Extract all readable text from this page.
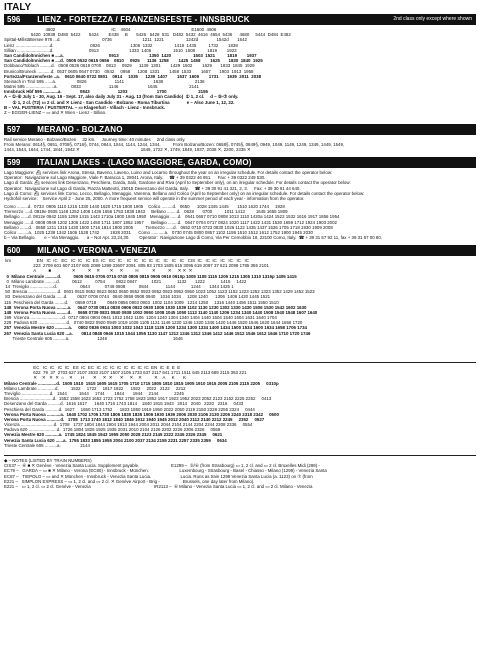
ITALY
596 LIENZ - FORTEZZA / FRANZENSFESTE - INNSBRUCK	2nd class only except where shown
4602                                              IC    4604                                                  E1600  4606
5420  10938  D480  5422       5424        E438     B       5426   5428  531   D482  5432  4616  4654  5436      4680     5444  D484  E482
Spittal-Millstättersee 978 ...d.                                  0736                         1211  1221                  1242d               1542d       1642
Lienz ............................d.                              0826                         1306  1332                  1418  1435          1732        1838
Sillian ...........................d.                             0913                         1333  1406                  1510  1508          1819        1923
San Candido/Innichen ■ ....a.                                     0913                         1350  1420                  1503  1521          1819        1937
San Candido/Innichen ■ ....d.  0505 0532 0615 0656    0810     0925      1136  1258        1425  1458        1625       1830  1840  1925
Dobbiaco/Toblach .........d.   0508 0536 0619 0700    0813     0929      1139  1301        1429  1502        1629       1833  1845  1929
Brunico/Bruneck ...........d.  0537 0605 0647 0730    0842     0958      1208  1331        1458  1533        1657       1903  1913  1958
Fortezza/Franzensfeste ..a.    0610 0640 0722 0801    0914     1035      1239  1407        1537  1609        1731       1939  2011  2038
Steinach in Tirol 595 ......a.                 0826                       1141                        1638                          2136
Matrei 595 .......................a.           0833                       1146                        1645                          2141
Innsbruck Hbf 595 ............a.               0843                       1203                        1700                          2155
A – ①-⑥ July 1 - 30, Aug. 19 - Sept. 17, also daily July 31 - Aug. 13 (from San Candido)  ① 1, 2 cl.     d – ⑤-⑦ only.
① 1, 2 cl. (T2) ▭ 2 cl. and ✕ Lienz - San Candido - Bolzano - Roma Tiburtina              e – Also June 1, 12, 22.
B – VAL PUSTERIA / PUSTERTAL – ▭ Klagenfurt - Villach - Lienz - Innsbruck.
Z – EGGER-LIENZ – ▭ and ✕ Wien - Lienz - Sillian.
597 MERANO - BOLZANO
Rail service Merano - Bolzano/Bozen     32 km.     Journey time: 40 minutes     2nd class only.
From Merano: 0614§, 0651, 0708§, 0716§, 0744, 0844, 1044, 1144, 1244, 1344,          From Bolzano/Bozen: 0658§, 0745§, 0849§, 0949, 1049, 1149, 1249, 1349, 1449, 1549,
1444, 1544, 1644, 1744, 1844, 1942 ✕                                                  1649, 1722 ✕, 1749, 1849, 1937, 2038 ✕, 2200, 2335 ✕
599 ITALIAN LAKES - (LAGO MAGGIORE, GARDA, COMO)
Lago Maggiore: ⛴ services link Arona, Stresa, Baveno, Laveno, Luino and Locarno throughout the year on an irregular schedule. For details contact the operator below:
Operator:  Navigazione sul Lago Maggiore, Viale F. Baracca 1, 28041 Arona, Italy.     ☎ + 39 0322 46 651.     Fax: + 39 0322 249 530.
Lago di Garda: ⛴ services link Desenzano, Peschiera, Garda, Salò, Gardone and Riva (April to September only), on an irregular schedule. For details contact the operator below:
Operator:  Navigazione sul Lago di Garda, Piazza Matteotti, 25015 Desenzano del Garda, Italy.     ☎ + 39 30 91 41 321, 2, 3.     Fax: + 39 30 91 44 640.
Lago di Como: ⛴ services link Como, Lecco, Bellagio, Menaggio, Varenna, Bellano and Colico (April to September only) on an irregular schedule. For details contact the operator below:
Hydrofoil service:    Service April 2 - June 25, 2000. A more frequent service will operate in the summer period of each year - information from the operator.
Como .........d.  0733  0905 1110 1215 1330 1440 1620 1715 1800 1905    Colico .........d.   0650      1028 1345 1445       1510 1620 1744     1928
Tremezzo ....d. 0819e 0935 1148 1252 1408 1436 1656 1753 1838 1943     Bellano ........d.   0628       0700          1011 1413         1645 1655 1809
Bellagio ......d. 0812e 0942 1155 1259 1415 1443 1710a 1800 1845 1950   Menaggio ......d.   0641 0657 0710 0808 1013 1110 1420a 1424 1522 1532 1616 1917 1856 1954
Menaggio .....d. 0808 0949 1202 1306 1422 1450 1711 1807 1852 1957      Bellagio ........d.   0647 0704 0717 0824 1020 1117 1422 1431 1530 1659 1712 1924 1903 2002
Bellano .......d.   0658 1211 1315 1430 1500 1716 1814 1900 2005          Tremezzo ......d.   0652 0710 0723 0830 1026 1122 1435 1437 1536 1705 1718 1930 1909 2008
Colico .........a.  1025 1238 1342 1506 1528 1742         1928 2031      Como ...........a.   0730 0745 0800 0857 1102 1159 1510 1512 1612 1752 1900 1945 2030
b – Via Bellagio.       e – Via Menaggio.      a – Not Apr. 23,24,30.        Operator:  Navigazione Lago di Como, Via Per Cernobbio 18, 22100 Como, Italy.  ☎ + 39 31 57 92 11, fax + 39 31 57 00 80.
600 MILANO - VERONA - VENEZIA
km                     EN   IC  IC   EC   IC  IC   IC  ES  IC   EC  IC    IC  IC   IC  IC  IC   IC   IC   IC   CIS  IC   IC  IC   IC   IC   IC   IC
223  2709 601 607 2107 605 2089 1299 33607 2091  805 93 1703 1505 615 3095 619 2097 37 621 2099 1785 355 2101
A          ■                 ✕          ✕    ✕        ✕     ✕          H           ✕          ✕     ✕ ✕  ✕
0  Milano Centrale ..........d.          0605 0615 0705 0715 0740 0805 0815 0905 0910 0910p 1005 1105 1115 1205 1215 1305 1310 1315p 1405 1415
0  Milano Lambrate .........d.          0612           0754         0822 0847            1021             1132       1222             1415     1422
14  Treviglio ...................d.                   0644            0748 0808           0844              1144             1244       1344 1425 1
50  Brescia ........................d.  0601 0615 0652 0623 0652 0650 0652 0923 0852 0923 0952 0950 1023 1052 1123 1152 1223 1252 1323 1352 1429 1452 1523
83  Desenzano del Garda ......d.        0637 0708 0744   0840 0859 0908 0940    1016 1034     1208 1240      1306  1406 1420 1445 1521
115  Peschiera del Garda ........d.      0659 0718         0849 0856 0903 0903  1002 1104 1009   1214 1250     1316 1440 1456 1511 1550 1510
148  Verona Porta Nuova .........a.     0647 0730 0814 0830 0906 0922 0930 1006 1030 1039 1102 1130 1230 1302 1330 1430 1506 1530 1542 1602 1630
148  Verona Porta Nuova .........d.     0658 0739 0831 0840 0938 1002 0950 1008 1045 1050 1113 1140 1140 1206 1234 1340 1440 1508 1540 1548 1607 1640
199  Vicenza ..........................d.  0717 0804 0904 0941 1012 1042 1106  1204 1240 1304 1340 1404 1440 1504 1540 1604 1631 1640 1704
229  Padova 620 .......................d.   0740 0822 0920 0949 1019 1029 1105 1121 1146 1220 1246 1320 1346 1420 1446 1520 1546 1620 1644 1656 1720
257  Venezia Mestre 620 ...........a.     0802 0836 0934 1003 1032 1043 1118 1135 1200 1234 1300 1334 1400 1434 1500 1534 1600 1634 1658 1706 1734
267  Venezia Santa Lucia 620 ...a.       0814 0848 0946 1015 1044 1055 1130 1147 1212 1246 1312 1346 1412 1446 1512 1546 1612 1646 1710 1720 1746
Trieste Centrale 605 ..........a.                       1246                                                      1646
EC   IC  IC   IC  IC   ES  IC  EC  IC  IC  IC  IC  IC  IC  IC  IC  EN  IC  E  E  E
622  79  37  2703 627 2107 2633 2107 1507 2109 1733 637 2117 641 1711 1511 645 2113 689 2115 363 221
✕    ✕   ✕  ✕  ⌂    ✕       H       ✕     ✕  ✕      ✕     ✕    ✕          ✕    A     K       K
Milano Centrale ...............d.  1505 1510  1515 1605 1615 1705 1710 1715 1805 1810 1815 1905 1910 1915 2005 2105 2115 2205     0310p
Milano Lambrate ..............d.          1522     1722     1817 1822      1922     2022   2122     2212
Treviglio .......................d.   1544          1644     1744        1844       1944     2144             2245
Brescia ...........................d.  1552 1558 1623 1652 1723 1752 1758 1823 1852 1917 1923 1952 2023 2052 2123 2152 2225 2252     0413
Desenzano del Garda ..........d.  1616 1617      1640 1716 1743 1814    1840 1915 1943   2014   2040   2220   2316     0433
Peschiera del Garda ...........d.  1627     1650 1713 1752      1823 1850 1919 1950 2022 2050 2119 2150 2228 2255 2324     0444
Verona Porta Nuova ...........a.  1640 1702 1705 1730 1806 1830 1835 1906 1930 1939 2006 2030 2106 2130 2206 2240 2318 2342     0500
Verona Porta Nuova ...........d.   1708  1713 1740 1812 1840 1846 1912 1940 1945 2012 2040 2112 2140 2212 2245     2352     0527
Vicenza ...........................d.  1708   1737 1804 1844 1904 1913 1944 2004 2011 2044 2104 2144 2204 2244 2308 2336     0554
Padova 620 .......................d.  1726 1804 1826 1925 1935 2031 2010 2104 2126 2202 2226 2306 2326     0558
Venezia Mestre 620 ...........a.  1745 1824 1845 1943 1955 2050 2028 2123 2145 2222 2245 2326 2345     0621
Venezia Santa Lucia 620 ......a.  1755 1833 1855 1955 2004 2100 2037 2134 2155 2231 2257 2335 2359     0634
Trieste Centrale 605 ..........a.                2144
◆ – NOTES (LISTED BY TRAIN NUMBERS)
CIS37 –  ⑥ ■ ✕ Genève - Venezia Santa Lucia. Supplement payable.                          E1299 –  ⑤/⑥ (from Strasbourg) ▭ 1, 2 cl. and ▭ 2 cl. Bruxelles Midi (299) -
EC79 –   GARDA – ▭ ■ ✕ Milano - Verona (EC80) - Innsbruck - München.                         Luxembourg - Strasbourg - Basel - Chiasso - Milano (1299) - Venezia Santa
EC87 –   TIEPOLO – ▭ and ✕ München - Innsbruck - Venezia Santa Lucia.                        Lucia. Runs as train 1299 Venezia Santa Lucia (a. 1123) on ⑦ (from
E221 –   SIMPLON EXPRESS – ▭ 1, 2 cl. and ▭ 2 cl. ✕ Genève Airport - Brig -                   Brussels, one day later from Milano).
E221 –   ▭ 1, 2 cl. ▭ 2 cl. Genève - Venezia                                                    IR2113 –  ⑥ Milano - Venezia Santa Lucia ▭ 1, 2 cl. and ▭ 2 cl. Milano - Venezia
